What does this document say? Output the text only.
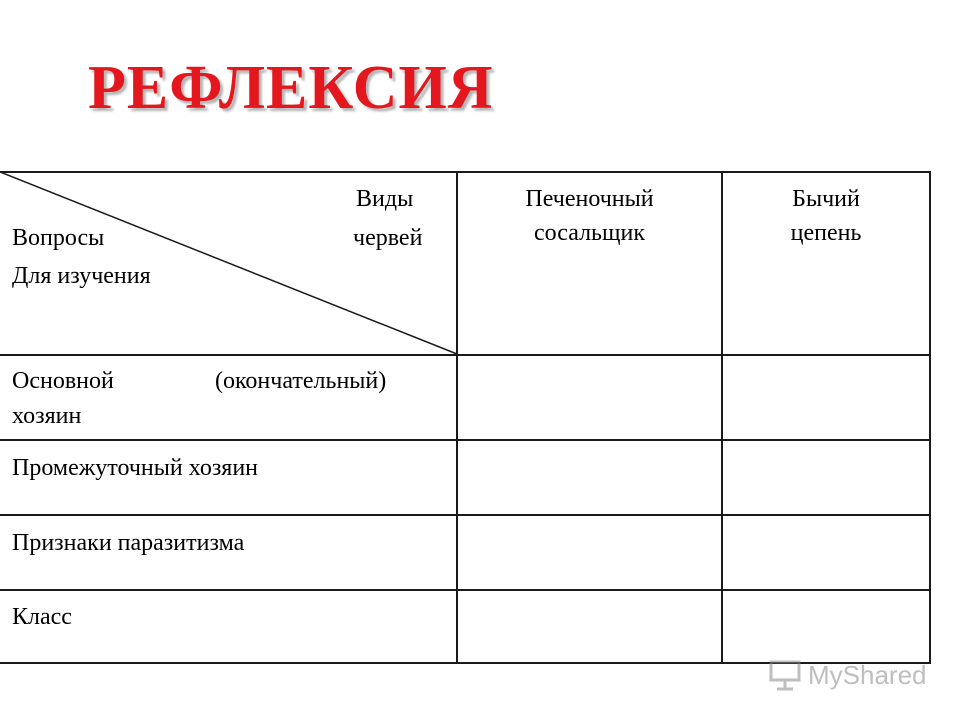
РЕФЛЕКСИЯ
Виды
Вопросы	червей
Для изучения
Печеночный
сосальщик
Бычий
цепень
Основной	(окончательный)
хозяин
Промежуточный хозяин
Признаки паразитизма
Класс
MyShared
